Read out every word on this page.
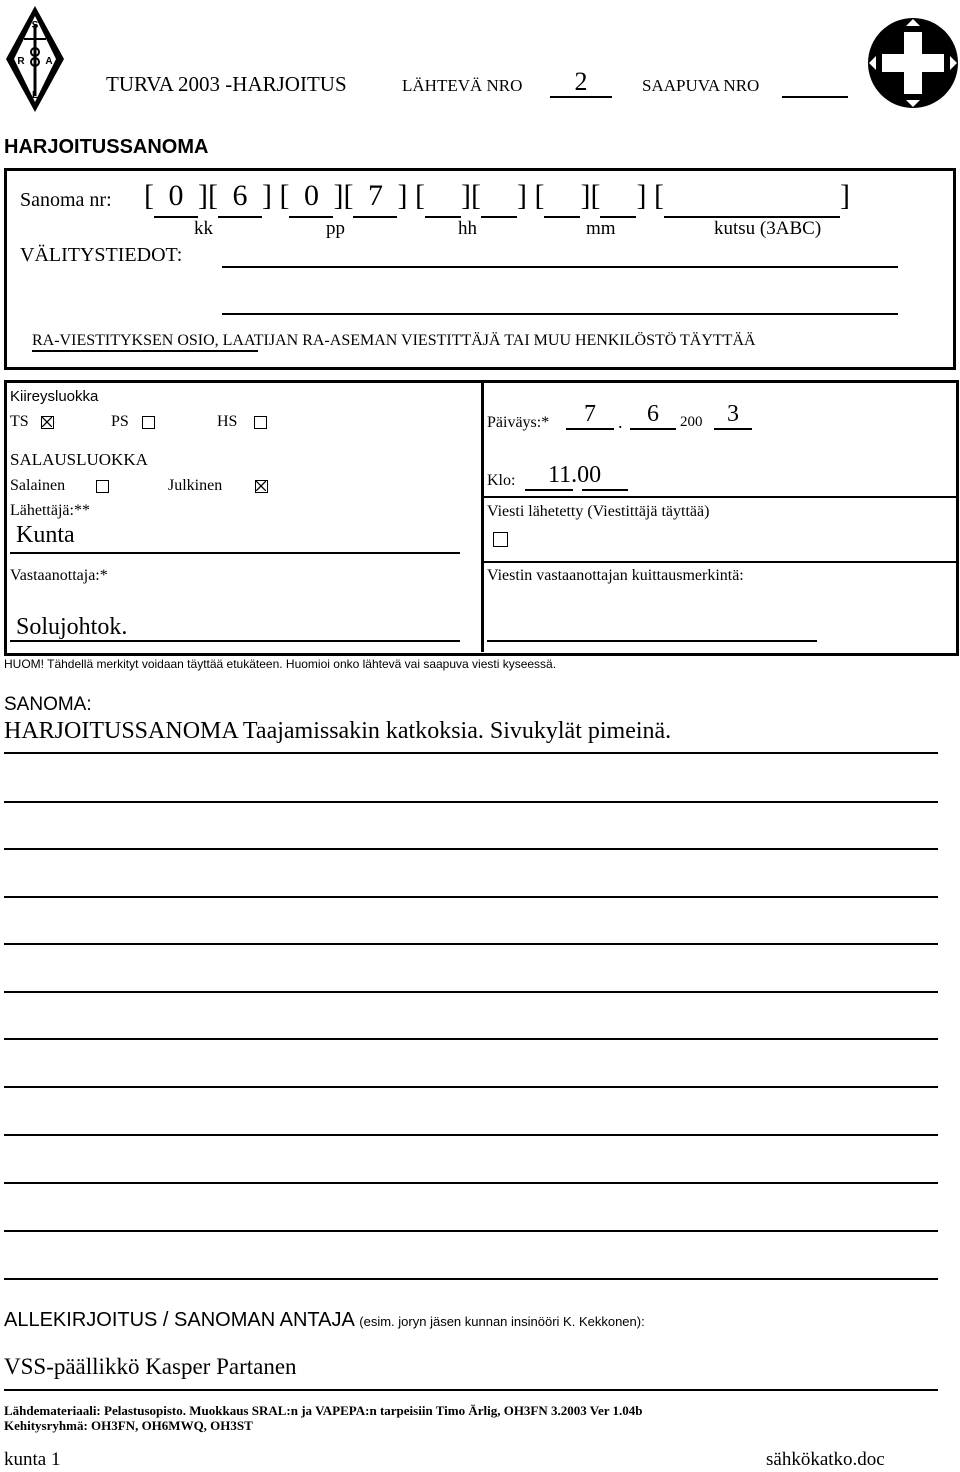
S
R A
L	TURVA 2003 -HARJOITUS	LÄHTEVÄ NRO	2	SAAPUVA NRO
HARJOITUSSANOMA
Sanoma nr: [ 0 ][ 6 ] [ 0 ][ 7 ] [ ][ ] [ ][ ] [	]
kk	pp	hh	mm	kutsu (3ABC)
VÄLITYSTIEDOT:
RA-VIESTITYKSEN OSIO, LAATIJAN RA-ASEMAN VIESTITTÄJÄ TAI MUU HENKILÖSTÖ TÄYTTÄÄ
Kiireysluokka
TS	PS	HS
SALAUSLUOKKA
Salainen	Julkinen
Lähettäjä:**
Kunta
Vastaanottaja:*
Solujohtok.
Päiväys:*	7	.	6	200	3
Klo: 11.00
Viesti lähetetty (Viestittäjä täyttää)
Viestin vastaanottajan kuittausmerkintä:
HUOM! Tähdellä merkityt voidaan täyttää etukäteen. Huomioi onko lähtevä vai saapuva viesti kyseessä.
SANOMA:
HARJOITUSSANOMA Taajamissakin katkoksia. Sivukylät pimeinä.
ALLEKIRJOITUS / SANOMAN ANTAJA (esim. joryn jäsen kunnan insinööri K. Kekkonen):
VSS-päällikkö Kasper Partanen
Lähdemateriaali: Pelastusopisto. Muokkaus SRAL:n ja VAPEPA:n tarpeisiin Timo Ärlig, OH3FN 3.2003 Ver 1.04b
Kehitysryhmä: OH3FN, OH6MWQ, OH3ST
kunta 1	sähkökatko.doc
